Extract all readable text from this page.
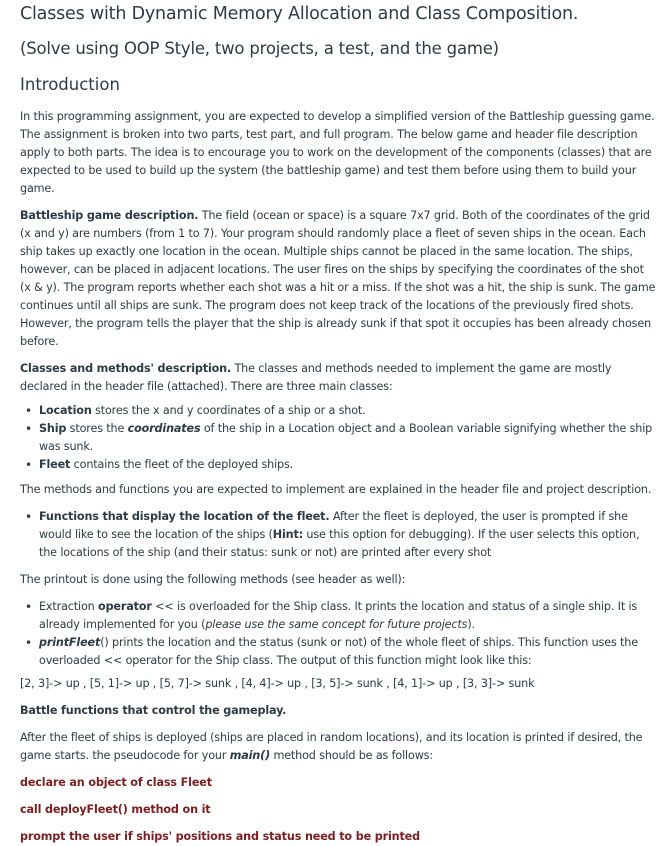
Classes with Dynamic Memory Allocation and Class Composition.
(Solve using OOP Style, two projects, a test, and the game)
Introduction

In this programming assignment, you are expected to develop a simplified version of the Battleship guessing game. The assignment is broken into two parts, test part, and full program. The below game and header file description apply to both parts. The idea is to encourage you to work on the development of the components (classes) that are expected to be used to build up the system (the battleship game) and test them before using them to build your game.

Battleship game description. The field (ocean or space) is a square 7x7 grid. Both of the coordinates of the grid (x and y) are numbers (from 1 to 7). Your program should randomly place a fleet of seven ships in the ocean. Each ship takes up exactly one location in the ocean. Multiple ships cannot be placed in the same location. The ships, however, can be placed in adjacent locations. The user fires on the ships by specifying the coordinates of the shot (x & y). The program reports whether each shot was a hit or a miss. If the shot was a hit, the ship is sunk. The game continues until all ships are sunk. The program does not keep track of the locations of the previously fired shots. However, the program tells the player that the ship is already sunk if that spot it occupies has been already chosen before.

Classes and methods' description. The classes and methods needed to implement the game are mostly declared in the header file (attached). There are three main classes:

• Location stores the x and y coordinates of a ship or a shot.
• Ship stores the coordinates of the ship in a Location object and a Boolean variable signifying whether the ship was sunk.
• Fleet contains the fleet of the deployed ships.

The methods and functions you are expected to implement are explained in the header file and project description.

• Functions that display the location of the fleet. After the fleet is deployed, the user is prompted if she would like to see the location of the ships (Hint: use this option for debugging). If the user selects this option, the locations of the ship (and their status: sunk or not) are printed after every shot

The printout is done using the following methods (see header as well):

• Extraction operator << is overloaded for the Ship class. It prints the location and status of a single ship. It is already implemented for you (please use the same concept for future projects).
• printFleet() prints the location and the status (sunk or not) of the whole fleet of ships. This function uses the overloaded << operator for the Ship class. The output of this function might look like this:

[2, 3]-> up , [5, 1]-> up , [5, 7]-> sunk , [4, 4]-> up , [3, 5]-> sunk , [4, 1]-> up , [3, 3]-> sunk

Battle functions that control the gameplay.

After the fleet of ships is deployed (ships are placed in random locations), and its location is printed if desired, the game starts. the pseudocode for your main() method should be as follows:

declare an object of class Fleet

call deployFleet() method on it

prompt the user if ships' positions and status need to be printed
